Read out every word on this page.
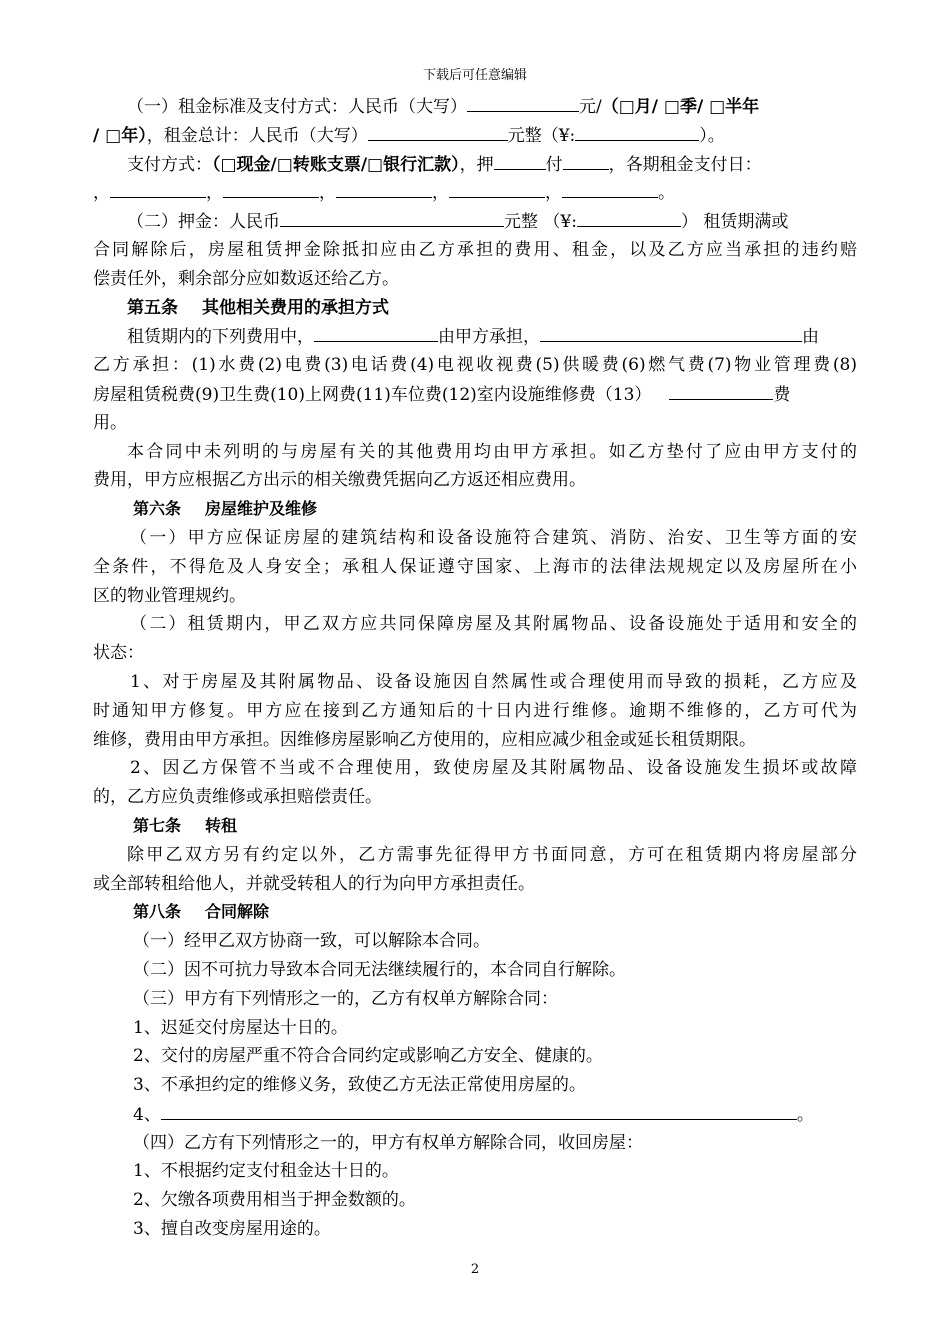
下载后可任意编辑
（一）租金标准及支付方式：人民币（大写）	元/（□月/ □季/ □半年
/ □年），租金总计：人民币（大写）	元整（¥:	）。
支付方式：（□现金/□转账支票/□银行汇款），押	付	，各期租金支付日：
，	，	，	，	，	。
（二）押金：人民币	元整 （¥:	） 租赁期满或
合同解除后，房屋租赁押金除抵扣应由乙方承担的费用、租金，以及乙方应当承担的违约赔
偿责任外，剩余部分应如数返还给乙方。
第五条 其他相关费用的承担方式
租赁期内的下列费用中，	由甲方承担，	由
乙方承担：(1)水费(2)电费(3)电话费(4)电视收视费(5)供暖费(6)燃气费(7)物业管理费(8)
房屋租赁税费(9)卫生费(10)上网费(11)车位费(12)室内设施维修费（13）	费
用。
本合同中未列明的与房屋有关的其他费用均由甲方承担。如乙方垫付了应由甲方支付的
费用，甲方应根据乙方出示的相关缴费凭据向乙方返还相应费用。
第六条 房屋维护及维修
（一）甲方应保证房屋的建筑结构和设备设施符合建筑、消防、治安、卫生等方面的安
全条件，不得危及人身安全；承租人保证遵守国家、上海市的法律法规规定以及房屋所在小
区的物业管理规约。
（二）租赁期内，甲乙双方应共同保障房屋及其附属物品、设备设施处于适用和安全的
状态：
1、对于房屋及其附属物品、设备设施因自然属性或合理使用而导致的损耗，乙方应及
时通知甲方修复。甲方应在接到乙方通知后的十日内进行维修。逾期不维修的，乙方可代为
维修，费用由甲方承担。因维修房屋影响乙方使用的，应相应减少租金或延长租赁期限。
2、因乙方保管不当或不合理使用，致使房屋及其附属物品、设备设施发生损坏或故障
的，乙方应负责维修或承担赔偿责任。
第七条 转租
除甲乙双方另有约定以外，乙方需事先征得甲方书面同意，方可在租赁期内将房屋部分
或全部转租给他人，并就受转租人的行为向甲方承担责任。
第八条 合同解除
（一）经甲乙双方协商一致，可以解除本合同。
（二）因不可抗力导致本合同无法继续履行的，本合同自行解除。
（三）甲方有下列情形之一的，乙方有权单方解除合同：
1、迟延交付房屋达十日的。
2、交付的房屋严重不符合合同约定或影响乙方安全、健康的。
3、不承担约定的维修义务，致使乙方无法正常使用房屋的。
4、	。
（四）乙方有下列情形之一的，甲方有权单方解除合同，收回房屋：
1、不根据约定支付租金达十日的。
2、欠缴各项费用相当于押金数额的。
3、擅自改变房屋用途的。
2
